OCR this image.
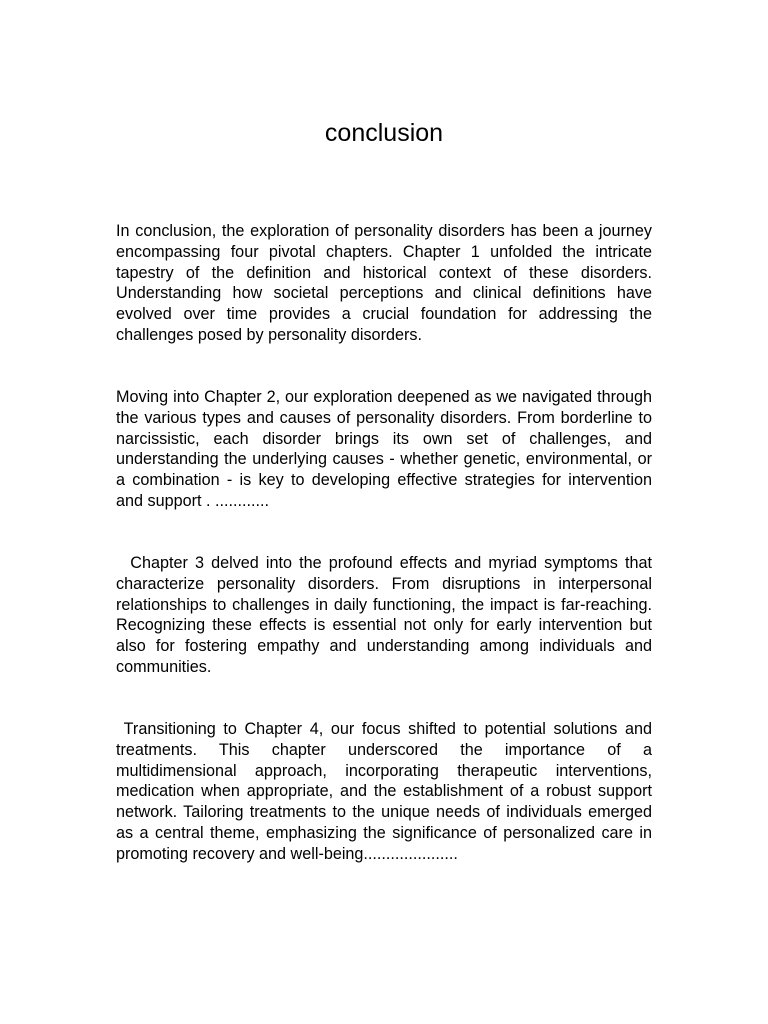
conclusion

In conclusion, the exploration of personality disorders has been a journey encompassing four pivotal chapters. Chapter 1 unfolded the intricate tapestry of the definition and historical context of these disorders. Understanding how societal perceptions and clinical definitions have evolved over time provides a crucial foundation for addressing the challenges posed by personality disorders.

Moving into Chapter 2, our exploration deepened as we navigated through the various types and causes of personality disorders. From borderline to narcissistic, each disorder brings its own set of challenges, and understanding the underlying causes - whether genetic, environmental, or a combination - is key to developing effective strategies for intervention and support . ............

Chapter 3 delved into the profound effects and myriad symptoms that characterize personality disorders. From disruptions in interpersonal relationships to challenges in daily functioning, the impact is far-reaching. Recognizing these effects is essential not only for early intervention but also for fostering empathy and understanding among individuals and communities.

Transitioning to Chapter 4, our focus shifted to potential solutions and treatments. This chapter underscored the importance of a multidimensional approach, incorporating therapeutic interventions, medication when appropriate, and the establishment of a robust support network. Tailoring treatments to the unique needs of individuals emerged as a central theme, emphasizing the significance of personalized care in promoting recovery and well-being.....................
